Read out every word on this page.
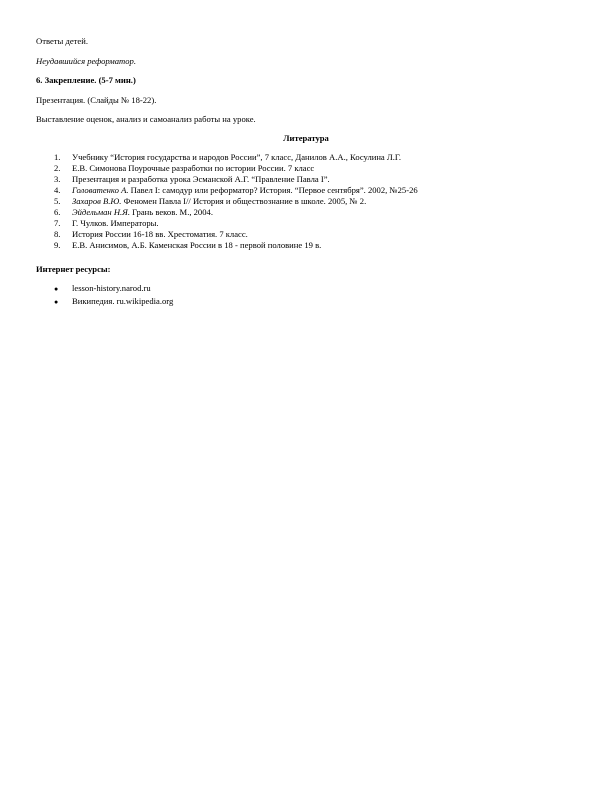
Ответы детей.
Неудавшийся реформатор.
6. Закрепление. (5-7 мин.)
Презентация. (Слайды № 18-22).
Выставление оценок, анализ и самоанализ работы на уроке.
Литература
1. Учебнику “История государства и народов России”, 7 класс, Данилов А.А., Косулина Л.Г.
2. Е.В. Симонова Поурочные разработки по истории России. 7 класс
3. Презентация и разработка урока Эсманской А.Г. “Правление Павла I”.
4. Головатенко А. Павел I: самодур или реформатор? История. “Первое сентября”. 2002, №25-26
5. Захаров В.Ю. Феномен Павла I// История и обществознание в школе. 2005, № 2.
6. Эйдельман Н.Я. Грань веков. М., 2004.
7. Г. Чулков. Императоры.
8. История России 16-18 вв. Хрестоматия. 7 класс.
9. Е.В. Анисимов, А.Б. Каменская России в 18 - первой половине 19 в.
Интернет ресурсы:
● lesson-history.narod.ru
● Википедия. ru.wikipedia.org
